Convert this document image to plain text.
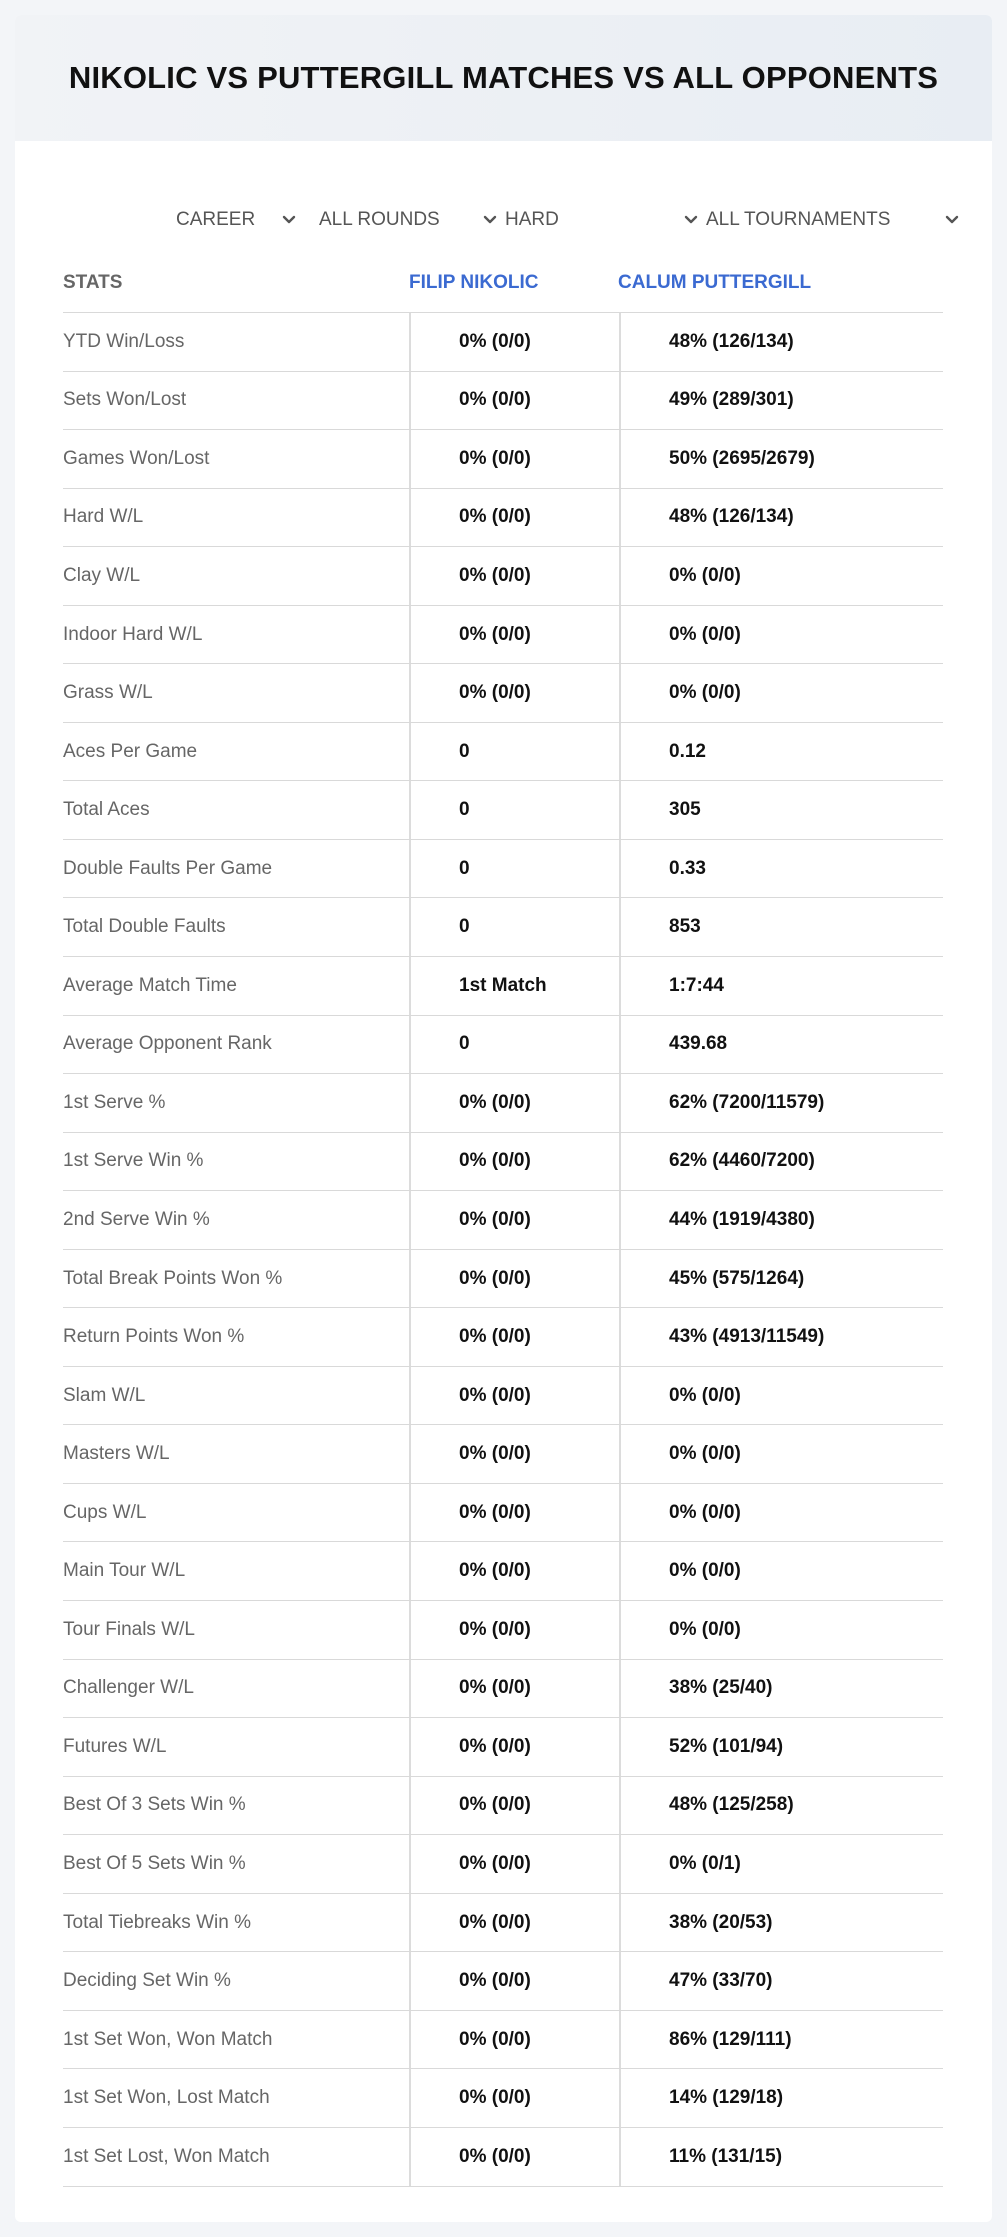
NIKOLIC VS PUTTERGILL MATCHES VS ALL OPPONENTS
CAREER	ALL ROUNDS	HARD	ALL TOURNAMENTS
STATS	FILIP NIKOLIC	CALUM PUTTERGILL
YTD Win/Loss	0% (0/0)	48% (126/134)
Sets Won/Lost	0% (0/0)	49% (289/301)
Games Won/Lost	0% (0/0)	50% (2695/2679)
Hard W/L	0% (0/0)	48% (126/134)
Clay W/L	0% (0/0)	0% (0/0)
Indoor Hard W/L	0% (0/0)	0% (0/0)
Grass W/L	0% (0/0)	0% (0/0)
Aces Per Game	0	0.12
Total Aces	0	305
Double Faults Per Game	0	0.33
Total Double Faults	0	853
Average Match Time	1st Match	1:7:44
Average Opponent Rank	0	439.68
1st Serve %	0% (0/0)	62% (7200/11579)
1st Serve Win %	0% (0/0)	62% (4460/7200)
2nd Serve Win %	0% (0/0)	44% (1919/4380)
Total Break Points Won %	0% (0/0)	45% (575/1264)
Return Points Won %	0% (0/0)	43% (4913/11549)
Slam W/L	0% (0/0)	0% (0/0)
Masters W/L	0% (0/0)	0% (0/0)
Cups W/L	0% (0/0)	0% (0/0)
Main Tour W/L	0% (0/0)	0% (0/0)
Tour Finals W/L	0% (0/0)	0% (0/0)
Challenger W/L	0% (0/0)	38% (25/40)
Futures W/L	0% (0/0)	52% (101/94)
Best Of 3 Sets Win %	0% (0/0)	48% (125/258)
Best Of 5 Sets Win %	0% (0/0)	0% (0/1)
Total Tiebreaks Win %	0% (0/0)	38% (20/53)
Deciding Set Win %	0% (0/0)	47% (33/70)
1st Set Won, Won Match	0% (0/0)	86% (129/111)
1st Set Won, Lost Match	0% (0/0)	14% (129/18)
1st Set Lost, Won Match	0% (0/0)	11% (131/15)
